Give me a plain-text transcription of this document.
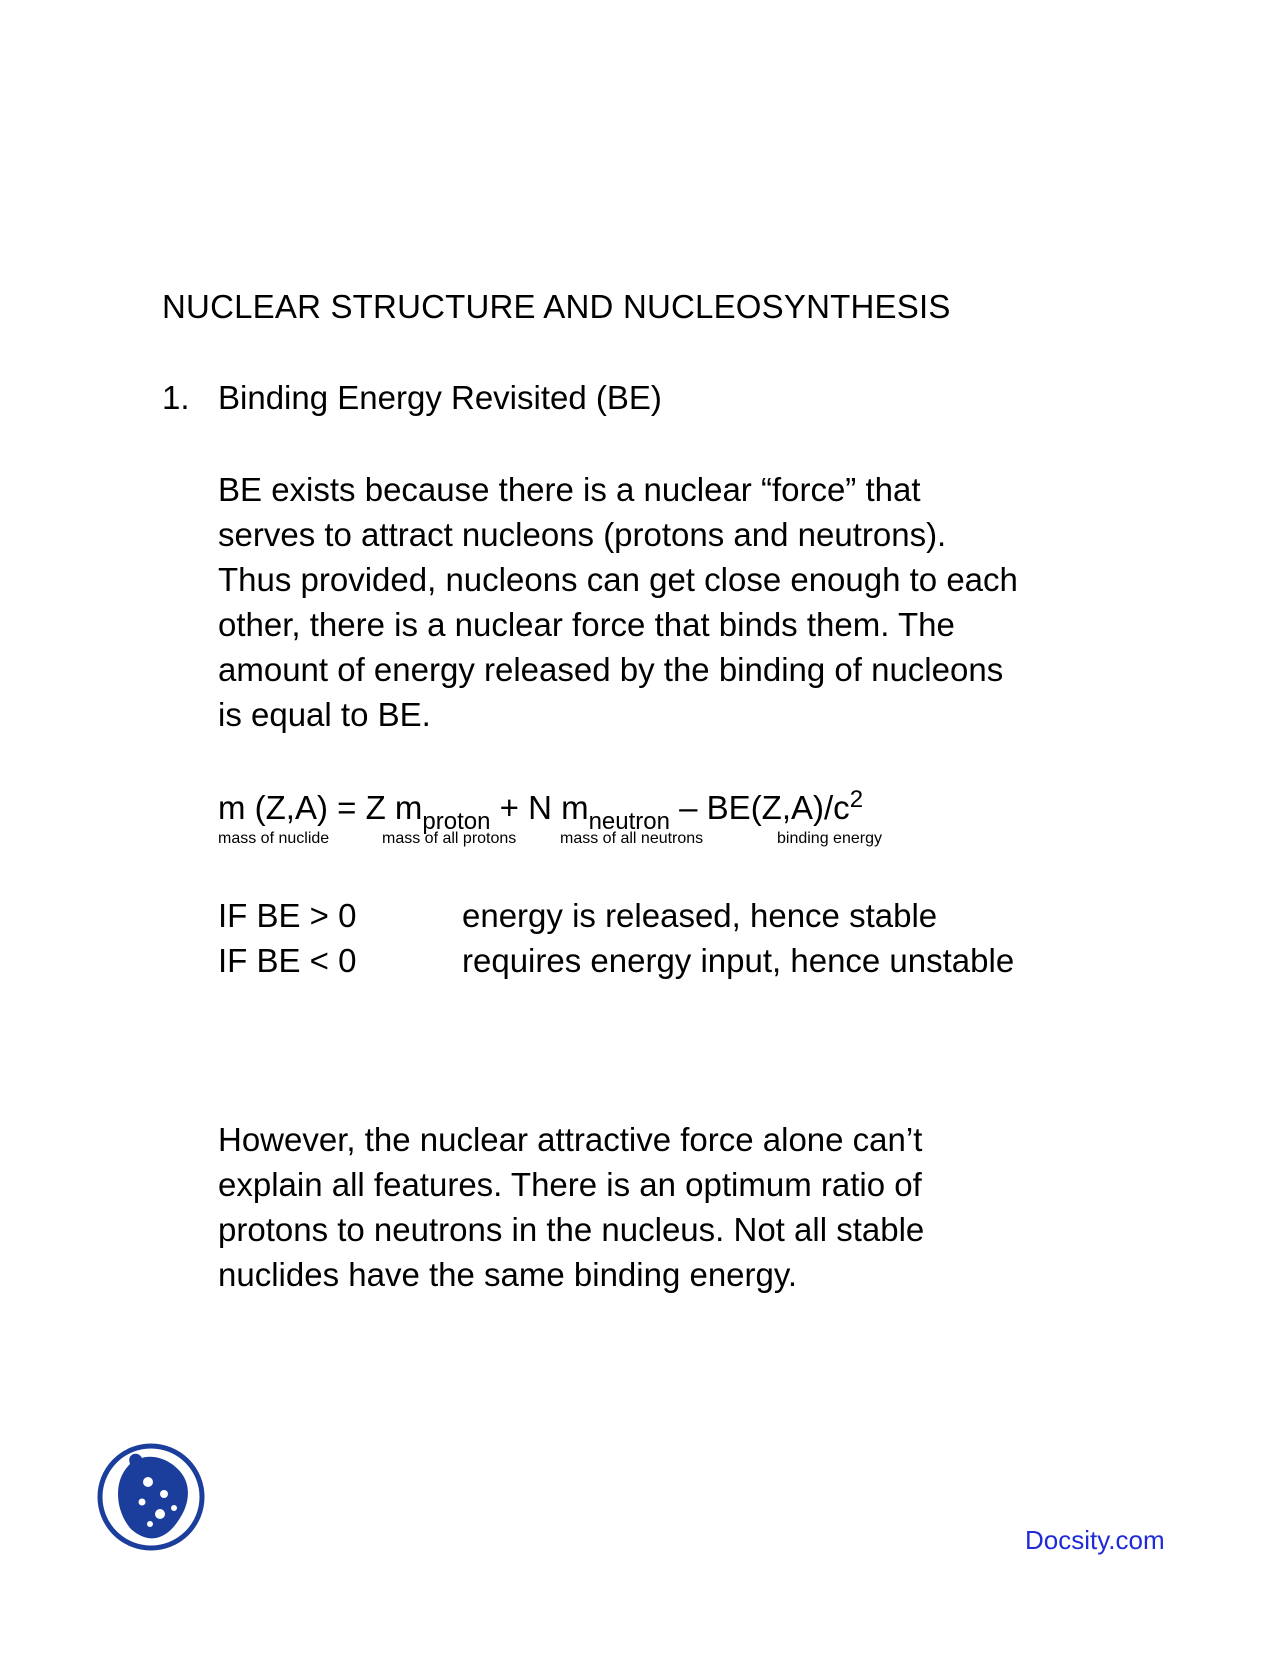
NUCLEAR STRUCTURE AND NUCLEOSYNTHESIS
1. Binding Energy Revisited (BE)
BE exists because there is a nuclear “force” that
serves to attract nucleons (protons and neutrons).
Thus provided, nucleons can get close enough to each
other, there is a nuclear force that binds them. The
amount of energy released by the binding of nucleons
is equal to BE.
m (Z,A) = Z $m_{proton} + N$ $m_{neutron} - BE(Z,A)/c^2$
mass of nuclide	mass of all protons	mass of all neutrons	binding energy
IF BE > 0	energy is released, hence stable
IF BE < 0	requires energy input, hence unstable
However, the nuclear attractive force alone can’t
explain all features. There is an optimum ratio of
protons to neutrons in the nucleus. Not all stable
nuclides have the same binding energy.
Docsity.com
